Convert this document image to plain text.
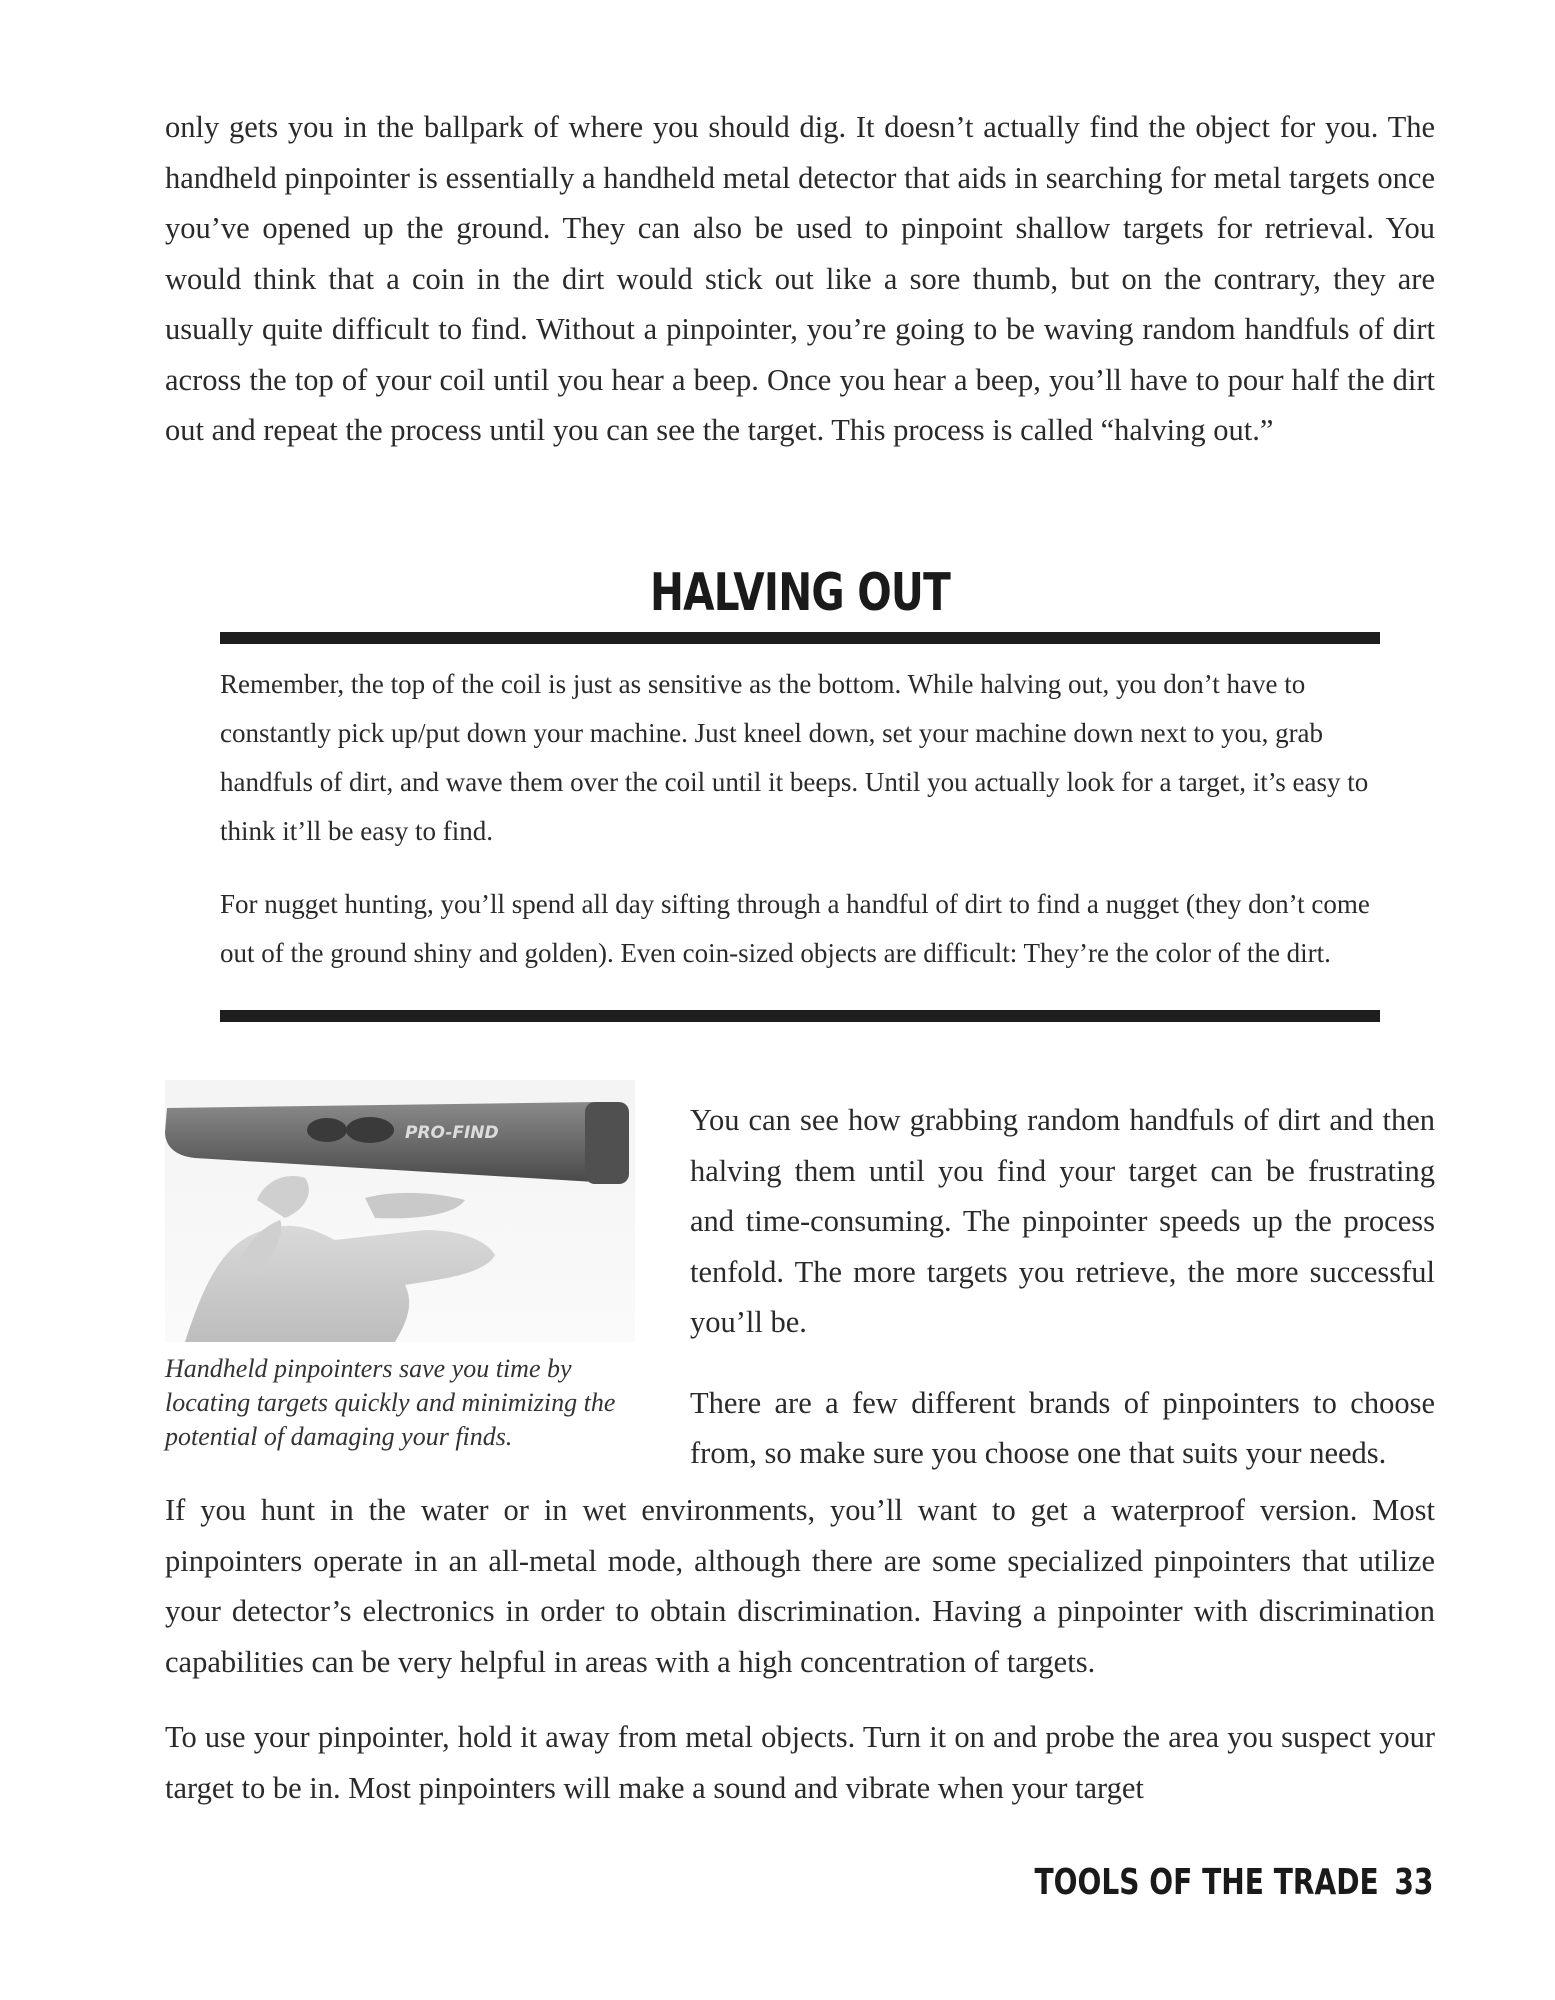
only gets you in the ballpark of where you should dig. It doesn’t actually find the object for you. The handheld pinpointer is essentially a handheld metal detector that aids in searching for metal targets once you’ve opened up the ground. They can also be used to pinpoint shallow targets for retrieval. You would think that a coin in the dirt would stick out like a sore thumb, but on the contrary, they are usually quite difficult to find. Without a pinpointer, you’re going to be waving random handfuls of dirt across the top of your coil until you hear a beep. Once you hear a beep, you’ll have to pour half the dirt out and repeat the process until you can see the target. This process is called “halving out.”

HALVING OUT

Remember, the top of the coil is just as sensitive as the bottom. While halving out, you don’t have to constantly pick up/put down your machine. Just kneel down, set your machine down next to you, grab handfuls of dirt, and wave them over the coil until it beeps. Until you actually look for a target, it’s easy to think it’ll be easy to find.

For nugget hunting, you’ll spend all day sifting through a handful of dirt to find a nugget (they don’t come out of the ground shiny and golden). Even coin-sized objects are difficult: They’re the color of the dirt.

PRO-FIND

Handheld pinpointers save you time by locating targets quickly and minimizing the potential of damaging your finds.

You can see how grabbing random handfuls of dirt and then halving them until you find your target can be frustrating and time-consuming. The pinpointer speeds up the process tenfold. The more targets you retrieve, the more successful you’ll be.

There are a few different brands of pinpointers to choose from, so make sure you choose one that suits your needs.

If you hunt in the water or in wet environments, you’ll want to get a waterproof version. Most pinpointers operate in an all-metal mode, although there are some specialized pinpointers that utilize your detector’s electronics in order to obtain discrimination. Having a pinpointer with discrimination capabilities can be very helpful in areas with a high concentration of targets.

To use your pinpointer, hold it away from metal objects. Turn it on and probe the area you suspect your target to be in. Most pinpointers will make a sound and vibrate when your target

TOOLS OF THE TRADE 33
